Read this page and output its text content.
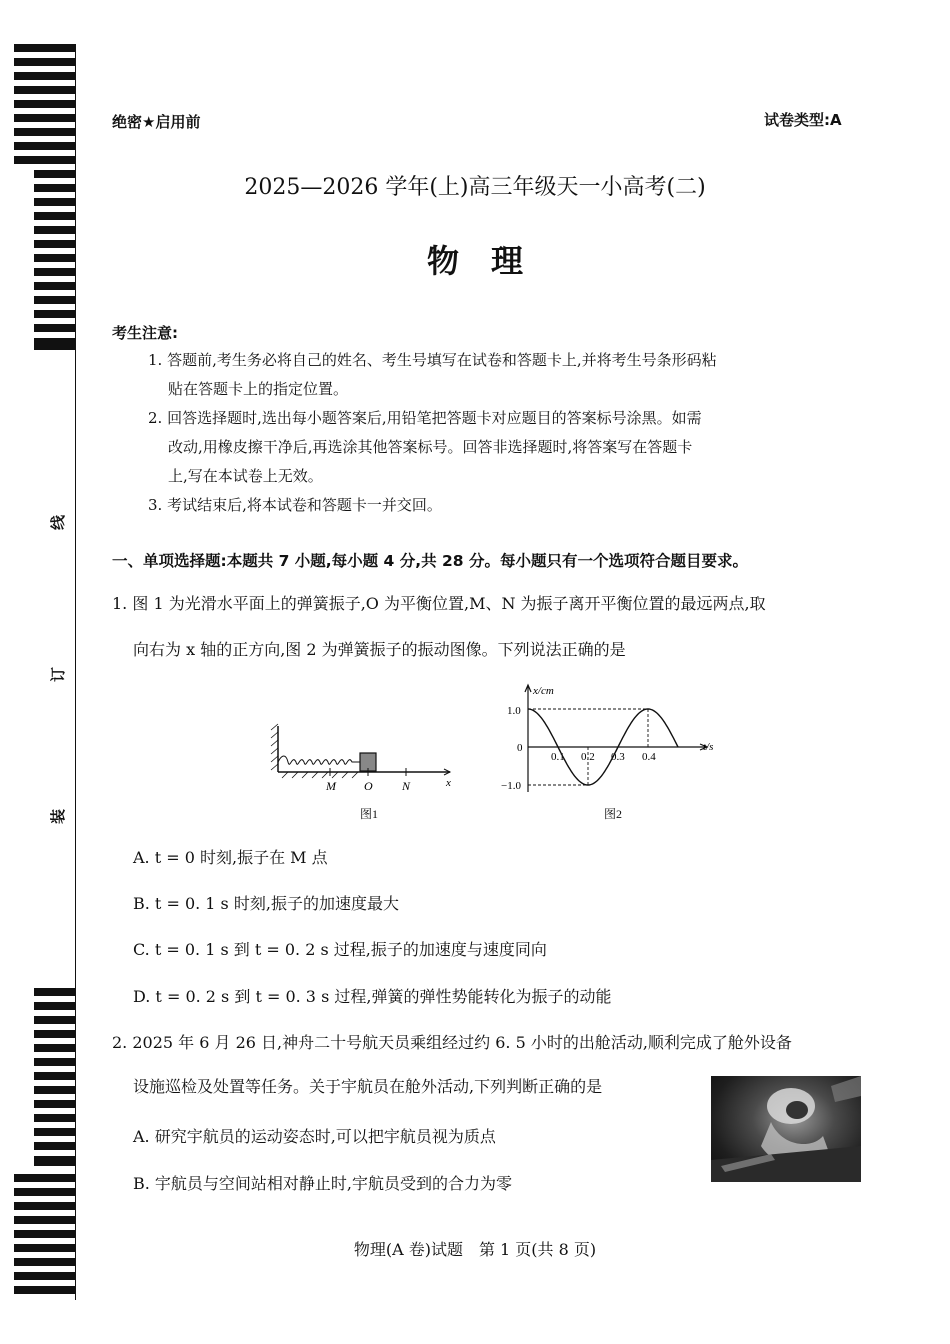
线
订
装
绝密★启用前	试卷类型:A
2025—2026 学年(上)高三年级天一小高考(二)
物　理
考生注意:

1. 答题前,考生务必将自己的姓名、考生号填写在试卷和答题卡上,并将考生号条形码粘

贴在答题卡上的指定位置。

2. 回答选择题时,选出每小题答案后,用铅笔把答题卡对应题目的答案标号涂黑。如需

改动,用橡皮擦干净后,再选涂其他答案标号。回答非选择题时,将答案写在答题卡

上,写在本试卷上无效。

3. 考试结束后,将本试卷和答题卡一并交回。

一、单项选择题:本题共 7 小题,每小题 4 分,共 28 分。每小题只有一个选项符合题目要求。
1. 图 1 为光滑水平面上的弹簧振子,O 为平衡位置,M、N 为振子离开平衡位置的最远两点,取
向右为 x 轴的正方向,图 2 为弹簧振子的振动图像。下列说法正确的是
M O N	x
图1
x/cm
t/s
1.0
0
−1.0
0.1 0.2 0.3 0.4
图2
A. t = 0 时刻,振子在 M 点
B. t = 0. 1 s 时刻,振子的加速度最大
C. t = 0. 1 s 到 t = 0. 2 s 过程,振子的加速度与速度同向
D. t = 0. 2 s 到 t = 0. 3 s 过程,弹簧的弹性势能转化为振子的动能
2. 2025 年 6 月 26 日,神舟二十号航天员乘组经过约 6. 5 小时的出舱活动,顺利完成了舱外设备
设施巡检及处置等任务。关于宇航员在舱外活动,下列判断正确的是
A. 研究宇航员的运动姿态时,可以把宇航员视为质点
B. 宇航员与空间站相对静止时,宇航员受到的合力为零
物理(A 卷)试题　第 1 页(共 8 页)
